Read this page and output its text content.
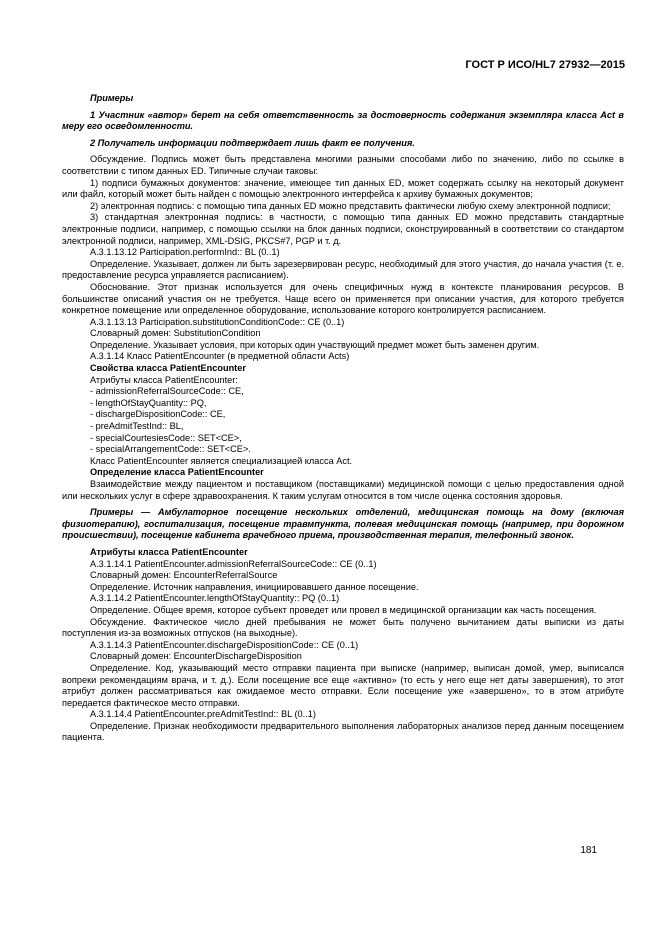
ГОСТ Р ИСО/HL7 27932—2015

Примеры

1 Участник «автор» берет на себя ответственность за достоверность содержания экземпляра класса Act в меру его осведомленности.

2 Получатель информации подтверждает лишь факт ее получения.

Обсуждение. Подпись может быть представлена многими разными способами либо по значению, либо по ссылке в соответствии с типом данных ED. Типичные случаи таковы:

1) подписи бумажных документов: значение, имеющее тип данных ED, может содержать ссылку на некоторый документ или файл, который может быть найден с помощью электронного интерфейса к архиву бумажных документов;

2) электронная подпись: с помощью типа данных ED можно представить фактически любую схему электронной подписи;

3) стандартная электронная подпись: в частности, с помощью типа данных ED можно представить стандартные электронные подписи, например, с помощью ссылки на блок данных подписи, сконструированный в соответствии со стандартом электронной подписи, например, XML-DSIG, PKCS#7, PGP и т. д.

A.3.1.13.12 Participation.performInd:: BL (0..1)

Определение. Указывает, должен ли быть зарезервирован ресурс, необходимый для этого участия, до начала участия (т. е. предоставление ресурса управляется расписанием).

Обоснование. Этот признак используется для очень специфичных нужд в контексте планирования ресурсов. В большинстве описаний участия он не требуется. Чаще всего он применяется при описании участия, для которого требуется конкретное помещение или определенное оборудование, использование которого контролируется расписанием.

A.3.1.13.13 Participation.substitutionConditionCode:: CE (0..1)

Словарный домен: SubstitutionCondition

Определение. Указывает условия, при которых один участвующий предмет может быть заменен другим.

A.3.1.14 Класс PatientEncounter (в предметной области Acts)

Свойства класса PatientEncounter

Атрибуты класса PatientEncounter:

- admissionReferralSourceCode:: CE,

- lengthOfStayQuantity:: PQ,

- dischargeDispositionCode:: CE,

- preAdmitTestInd:: BL,

- specialCourtesiesCode:: SET<CE>,

- specialArrangementCode:: SET<CE>.

Класс PatientEncounter является специализацией класса Act.

Определение класса PatientEncounter

Взаимодействие между пациентом и поставщиком (поставщиками) медицинской помощи с целью предоставления одной или нескольких услуг в сфере здравоохранения. К таким услугам относится в том числе оценка состояния здоровья.

Примеры — Амбулаторное посещение нескольких отделений, медицинская помощь на дому (включая физиотерапию), госпитализация, посещение травмпункта, полевая медицинская помощь (например, при дорожном происшествии), посещение кабинета врачебного приема, производственная терапия, телефонный звонок.

Атрибуты класса PatientEncounter

A.3.1.14.1 PatientEncounter.admissionReferralSourceCode:: CE (0..1)

Словарный домен: EncounterReferralSource

Определение. Источник направления, инициировавшего данное посещение.

A.3.1.14.2 PatientEncounter.lengthOfStayQuantity:: PQ (0..1)

Определение. Общее время, которое субъект проведет или провел в медицинской организации как часть посещения.

Обсуждение. Фактическое число дней пребывания не может быть получено вычитанием даты выписки из даты поступления из-за возможных отпусков (на выходные).

A.3.1.14.3 PatientEncounter.dischargeDispositionCode:: CE (0..1)

Словарный домен: EncounterDischargeDisposition

Определение. Код, указывающий место отправки пациента при выписке (например, выписан домой, умер, выписался вопреки рекомендациям врача, и т. д.). Если посещение все еще «активно» (то есть у него еще нет даты завершения), то этот атрибут должен рассматриваться как ожидаемое место отправки. Если посещение уже «завершено», то в этом атрибуте передается фактическое место отправки.

A.3.1.14.4 PatientEncounter.preAdmitTestInd:: BL (0..1)

Определение. Признак необходимости предварительного выполнения лабораторных анализов перед данным посещением пациента.

181
